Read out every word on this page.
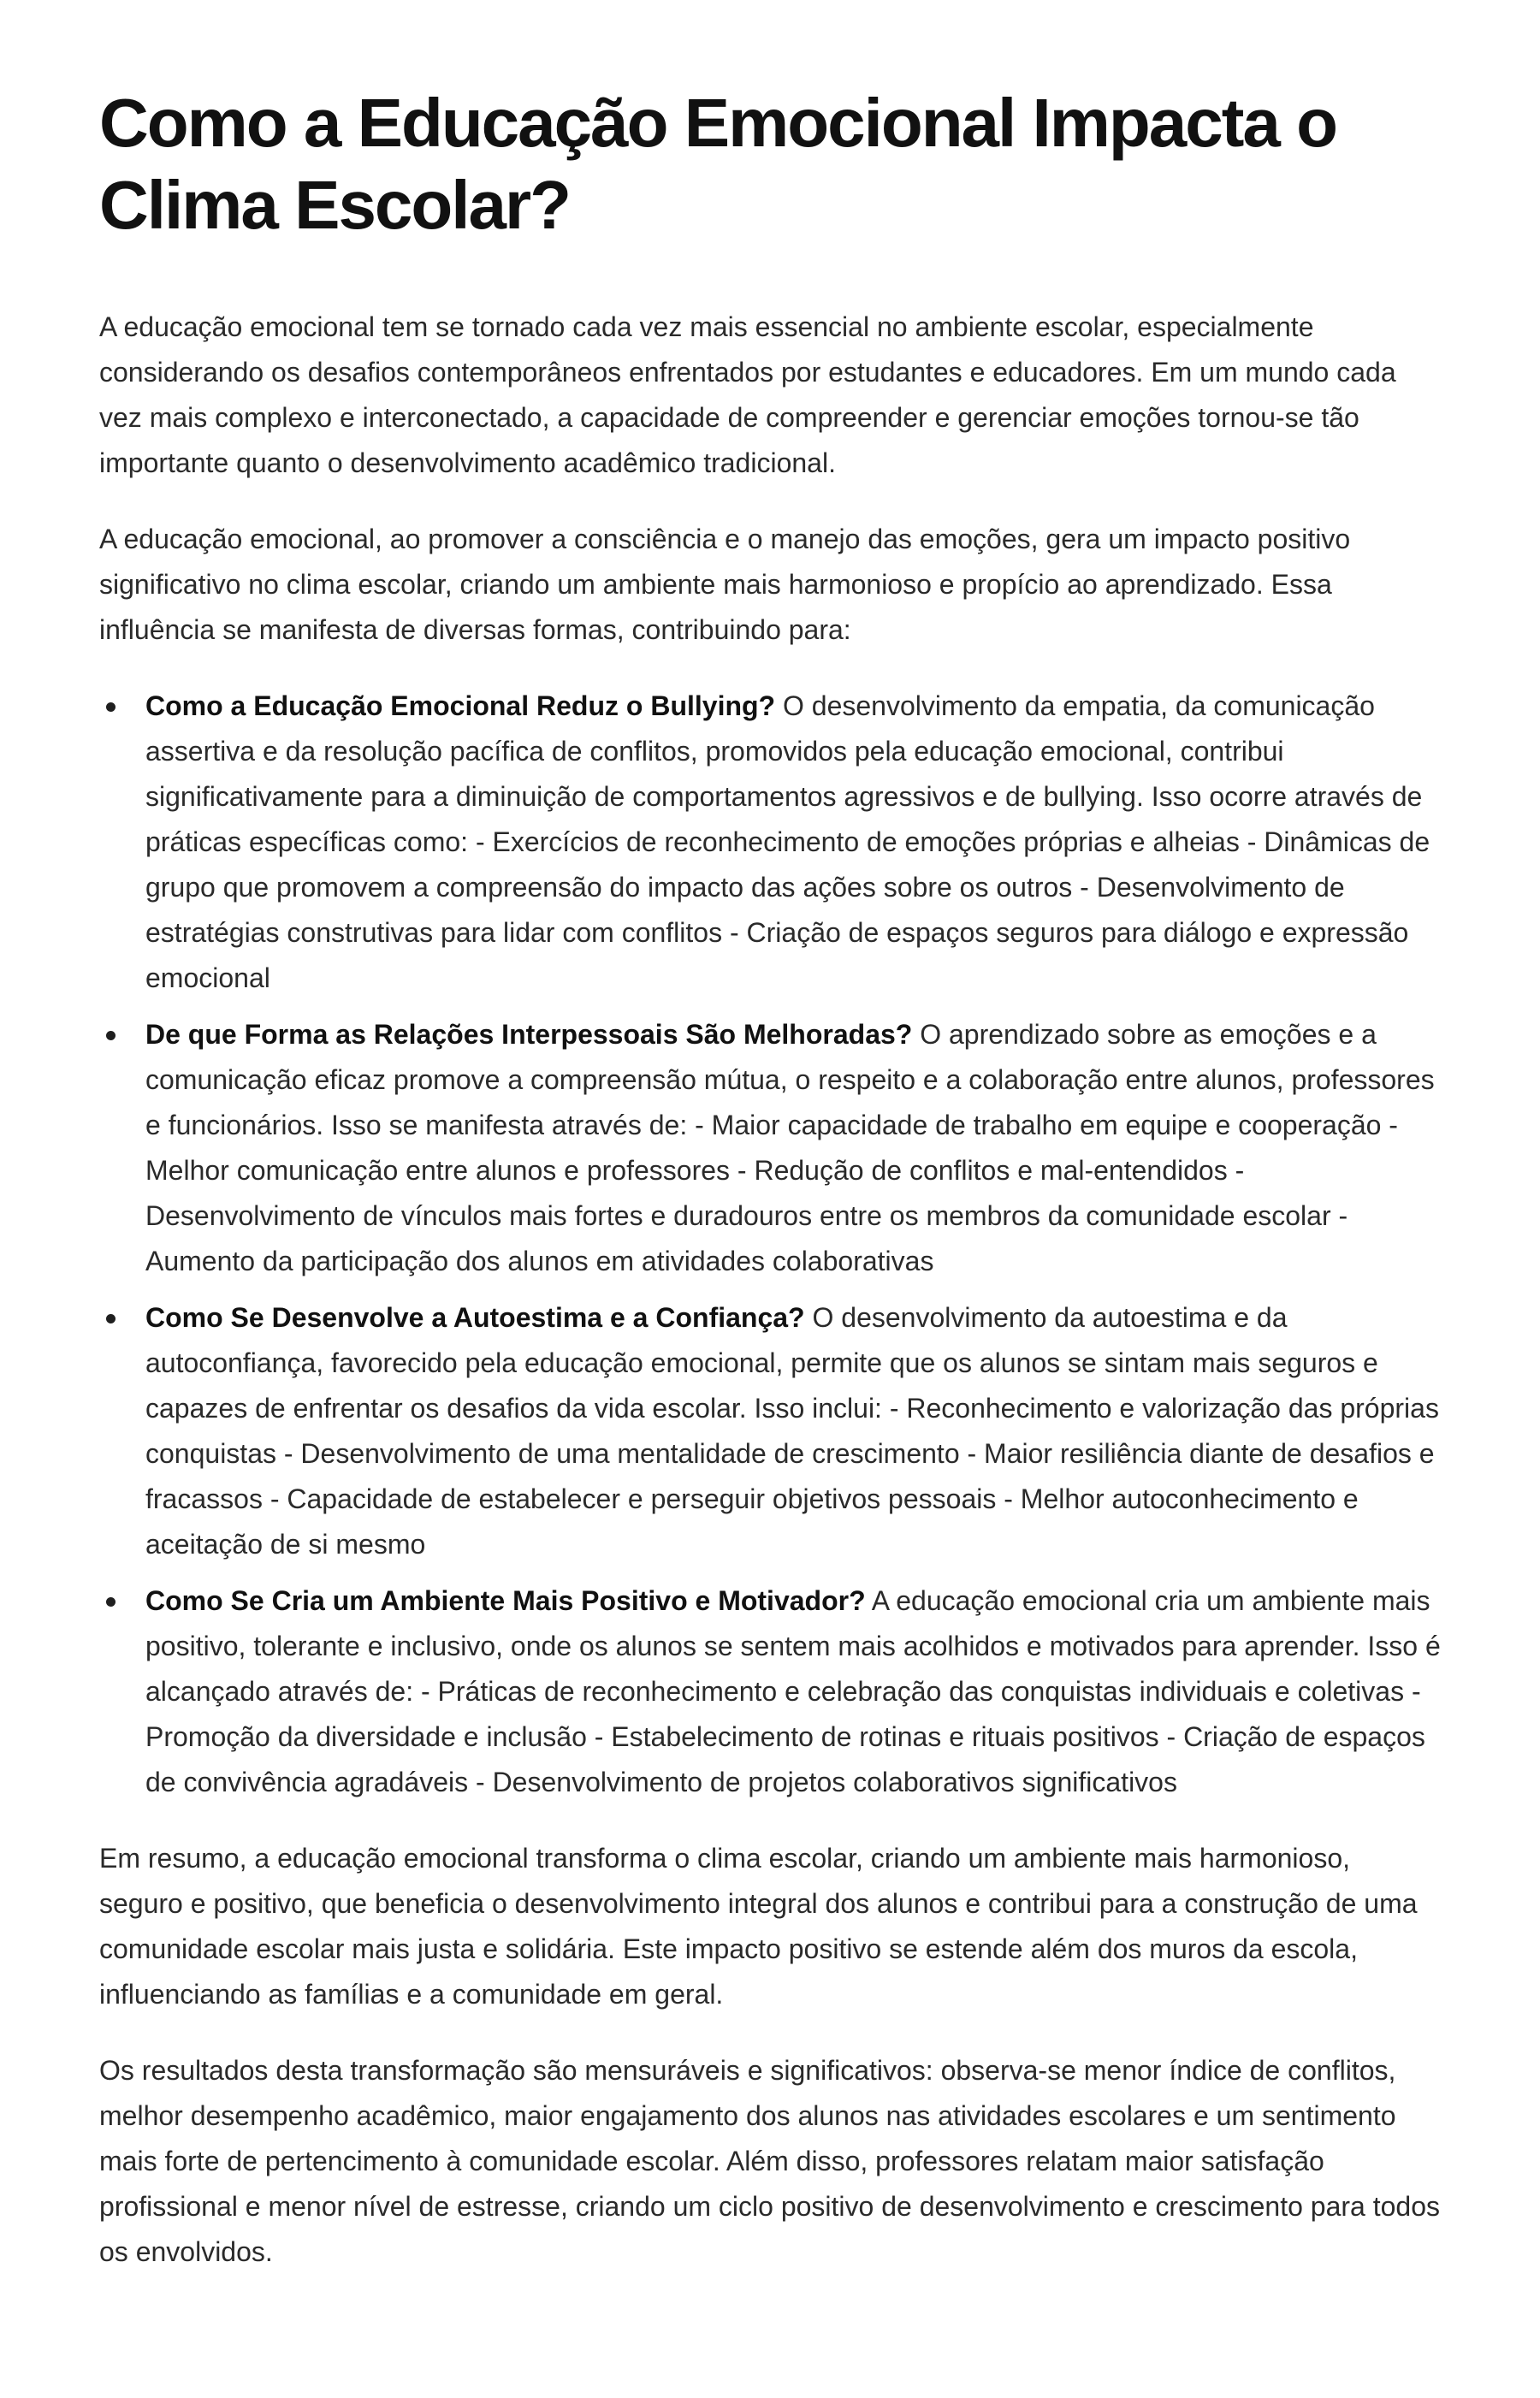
Como a Educação Emocional Impacta o Clima Escolar?

A educação emocional tem se tornado cada vez mais essencial no ambiente escolar, especialmente considerando os desafios contemporâneos enfrentados por estudantes e educadores. Em um mundo cada vez mais complexo e interconectado, a capacidade de compreender e gerenciar emoções tornou-se tão importante quanto o desenvolvimento acadêmico tradicional.

A educação emocional, ao promover a consciência e o manejo das emoções, gera um impacto positivo significativo no clima escolar, criando um ambiente mais harmonioso e propício ao aprendizado. Essa influência se manifesta de diversas formas, contribuindo para:

Como a Educação Emocional Reduz o Bullying? O desenvolvimento da empatia, da comunicação assertiva e da resolução pacífica de conflitos, promovidos pela educação emocional, contribui significativamente para a diminuição de comportamentos agressivos e de bullying. Isso ocorre através de práticas específicas como: - Exercícios de reconhecimento de emoções próprias e alheias - Dinâmicas de grupo que promovem a compreensão do impacto das ações sobre os outros - Desenvolvimento de estratégias construtivas para lidar com conflitos - Criação de espaços seguros para diálogo e expressão emocional
De que Forma as Relações Interpessoais São Melhoradas? O aprendizado sobre as emoções e a comunicação eficaz promove a compreensão mútua, o respeito e a colaboração entre alunos, professores e funcionários. Isso se manifesta através de: - Maior capacidade de trabalho em equipe e cooperação - Melhor comunicação entre alunos e professores - Redução de conflitos e mal-entendidos - Desenvolvimento de vínculos mais fortes e duradouros entre os membros da comunidade escolar - Aumento da participação dos alunos em atividades colaborativas
Como Se Desenvolve a Autoestima e a Confiança? O desenvolvimento da autoestima e da autoconfiança, favorecido pela educação emocional, permite que os alunos se sintam mais seguros e capazes de enfrentar os desafios da vida escolar. Isso inclui: - Reconhecimento e valorização das próprias conquistas - Desenvolvimento de uma mentalidade de crescimento - Maior resiliência diante de desafios e fracassos - Capacidade de estabelecer e perseguir objetivos pessoais - Melhor autoconhecimento e aceitação de si mesmo
Como Se Cria um Ambiente Mais Positivo e Motivador? A educação emocional cria um ambiente mais positivo, tolerante e inclusivo, onde os alunos se sentem mais acolhidos e motivados para aprender. Isso é alcançado através de: - Práticas de reconhecimento e celebração das conquistas individuais e coletivas - Promoção da diversidade e inclusão - Estabelecimento de rotinas e rituais positivos - Criação de espaços de convivência agradáveis - Desenvolvimento de projetos colaborativos significativos

Em resumo, a educação emocional transforma o clima escolar, criando um ambiente mais harmonioso, seguro e positivo, que beneficia o desenvolvimento integral dos alunos e contribui para a construção de uma comunidade escolar mais justa e solidária. Este impacto positivo se estende além dos muros da escola, influenciando as famílias e a comunidade em geral.

Os resultados desta transformação são mensuráveis e significativos: observa-se menor índice de conflitos, melhor desempenho acadêmico, maior engajamento dos alunos nas atividades escolares e um sentimento mais forte de pertencimento à comunidade escolar. Além disso, professores relatam maior satisfação profissional e menor nível de estresse, criando um ciclo positivo de desenvolvimento e crescimento para todos os envolvidos.
